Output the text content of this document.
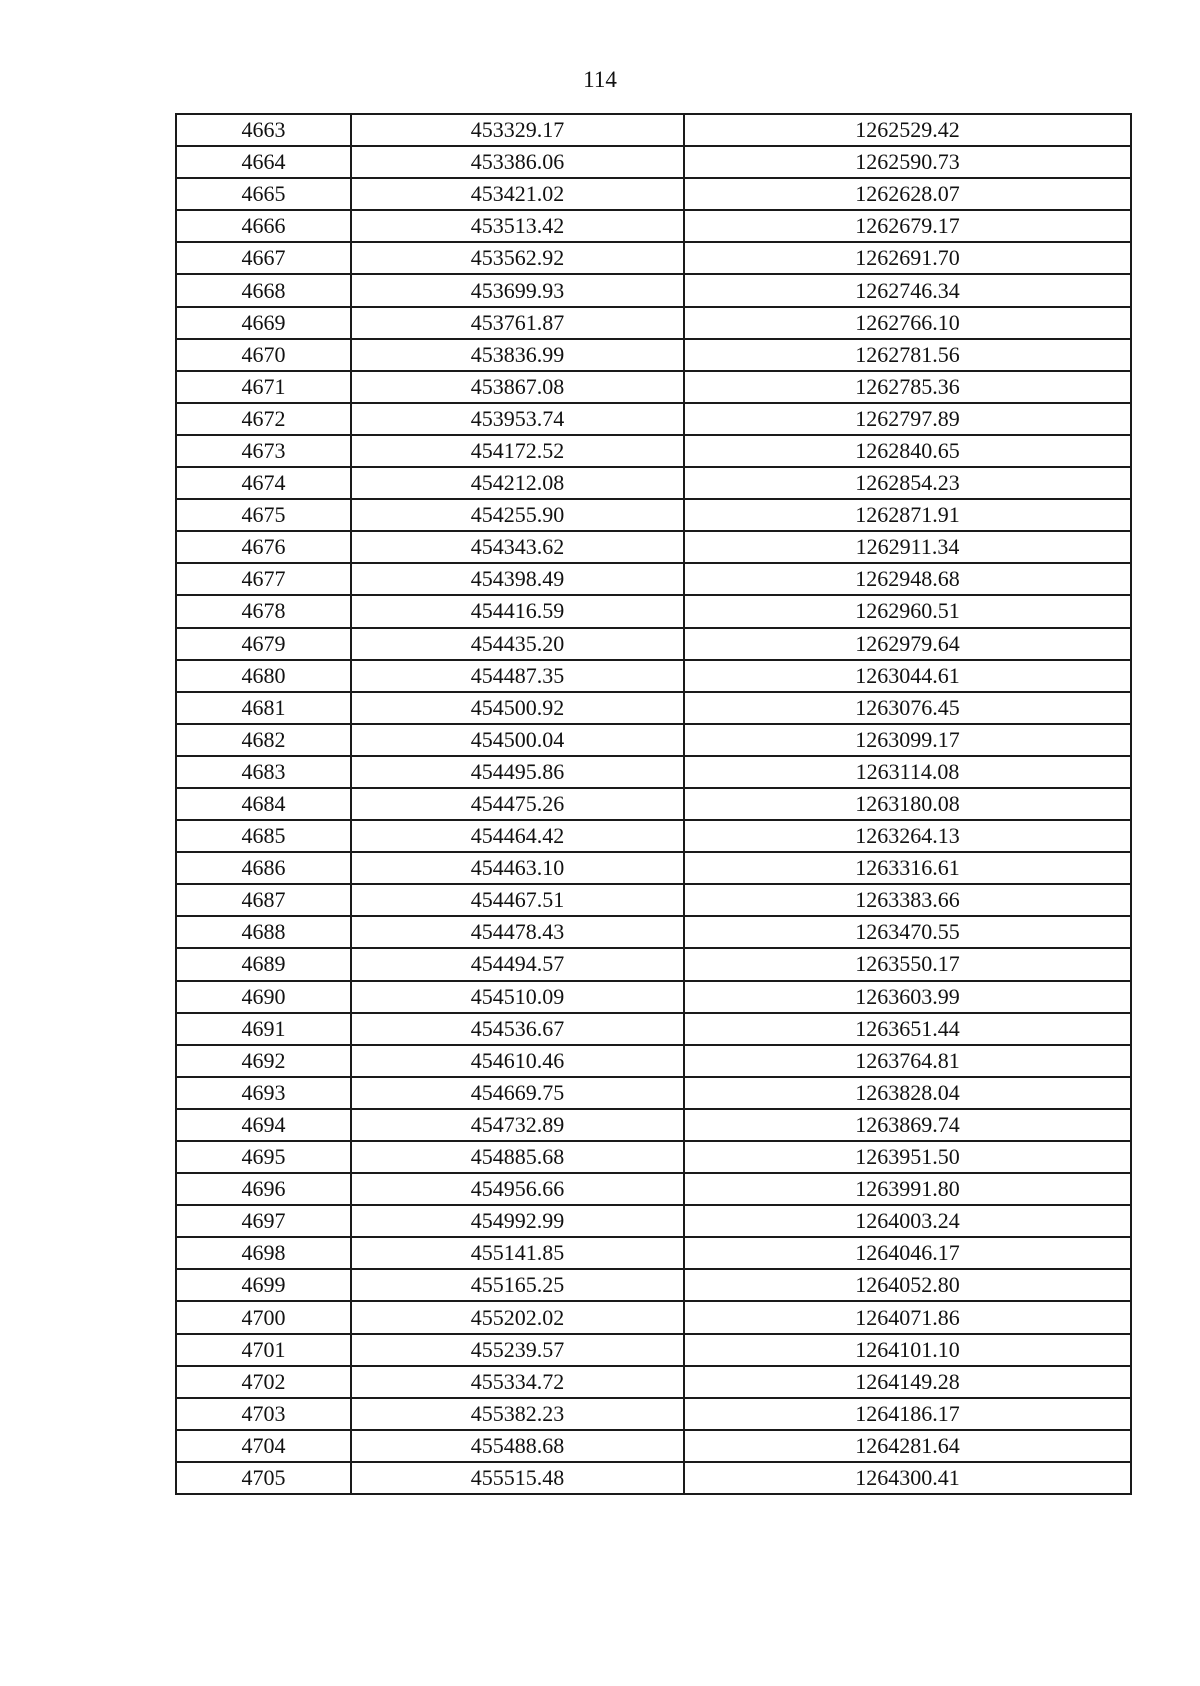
114
4663	453329.17	1262529.42
4664	453386.06	1262590.73
4665	453421.02	1262628.07
4666	453513.42	1262679.17
4667	453562.92	1262691.70
4668	453699.93	1262746.34
4669	453761.87	1262766.10
4670	453836.99	1262781.56
4671	453867.08	1262785.36
4672	453953.74	1262797.89
4673	454172.52	1262840.65
4674	454212.08	1262854.23
4675	454255.90	1262871.91
4676	454343.62	1262911.34
4677	454398.49	1262948.68
4678	454416.59	1262960.51
4679	454435.20	1262979.64
4680	454487.35	1263044.61
4681	454500.92	1263076.45
4682	454500.04	1263099.17
4683	454495.86	1263114.08
4684	454475.26	1263180.08
4685	454464.42	1263264.13
4686	454463.10	1263316.61
4687	454467.51	1263383.66
4688	454478.43	1263470.55
4689	454494.57	1263550.17
4690	454510.09	1263603.99
4691	454536.67	1263651.44
4692	454610.46	1263764.81
4693	454669.75	1263828.04
4694	454732.89	1263869.74
4695	454885.68	1263951.50
4696	454956.66	1263991.80
4697	454992.99	1264003.24
4698	455141.85	1264046.17
4699	455165.25	1264052.80
4700	455202.02	1264071.86
4701	455239.57	1264101.10
4702	455334.72	1264149.28
4703	455382.23	1264186.17
4704	455488.68	1264281.64
4705	455515.48	1264300.41
